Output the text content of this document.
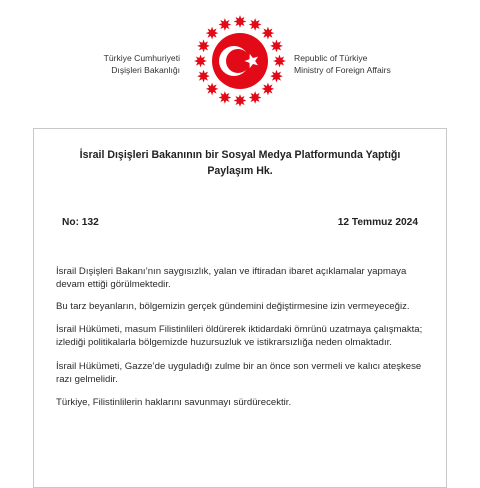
Türkiye Cumhuriyeti
Dışişleri Bakanlığı
Republic of Türkiye
Ministry of Foreign Affairs
İsrail Dışişleri Bakanının bir Sosyal Medya Platformunda Yaptığı
Paylaşım Hk.
No: 132	12 Temmuz 2024
İsrail Dışişleri Bakanı’nın saygısızlık, yalan ve iftiradan ibaret açıklamalar yapmaya
devam ettiği görülmektedir.
Bu tarz beyanların, bölgemizin gerçek gündemini değiştirmesine izin vermeyeceğiz.
İsrail Hükümeti, masum Filistinlileri öldürerek iktidardaki ömrünü uzatmaya çalışmakta;
izlediği politikalarla bölgemizde huzursuzluk ve istikrarsızlığa neden olmaktadır.
İsrail Hükümeti, Gazze’de uyguladığı zulme bir an önce son vermeli ve kalıcı ateşkese
razı gelmelidir.
Türkiye, Filistinlilerin haklarını savunmayı sürdürecektir.
